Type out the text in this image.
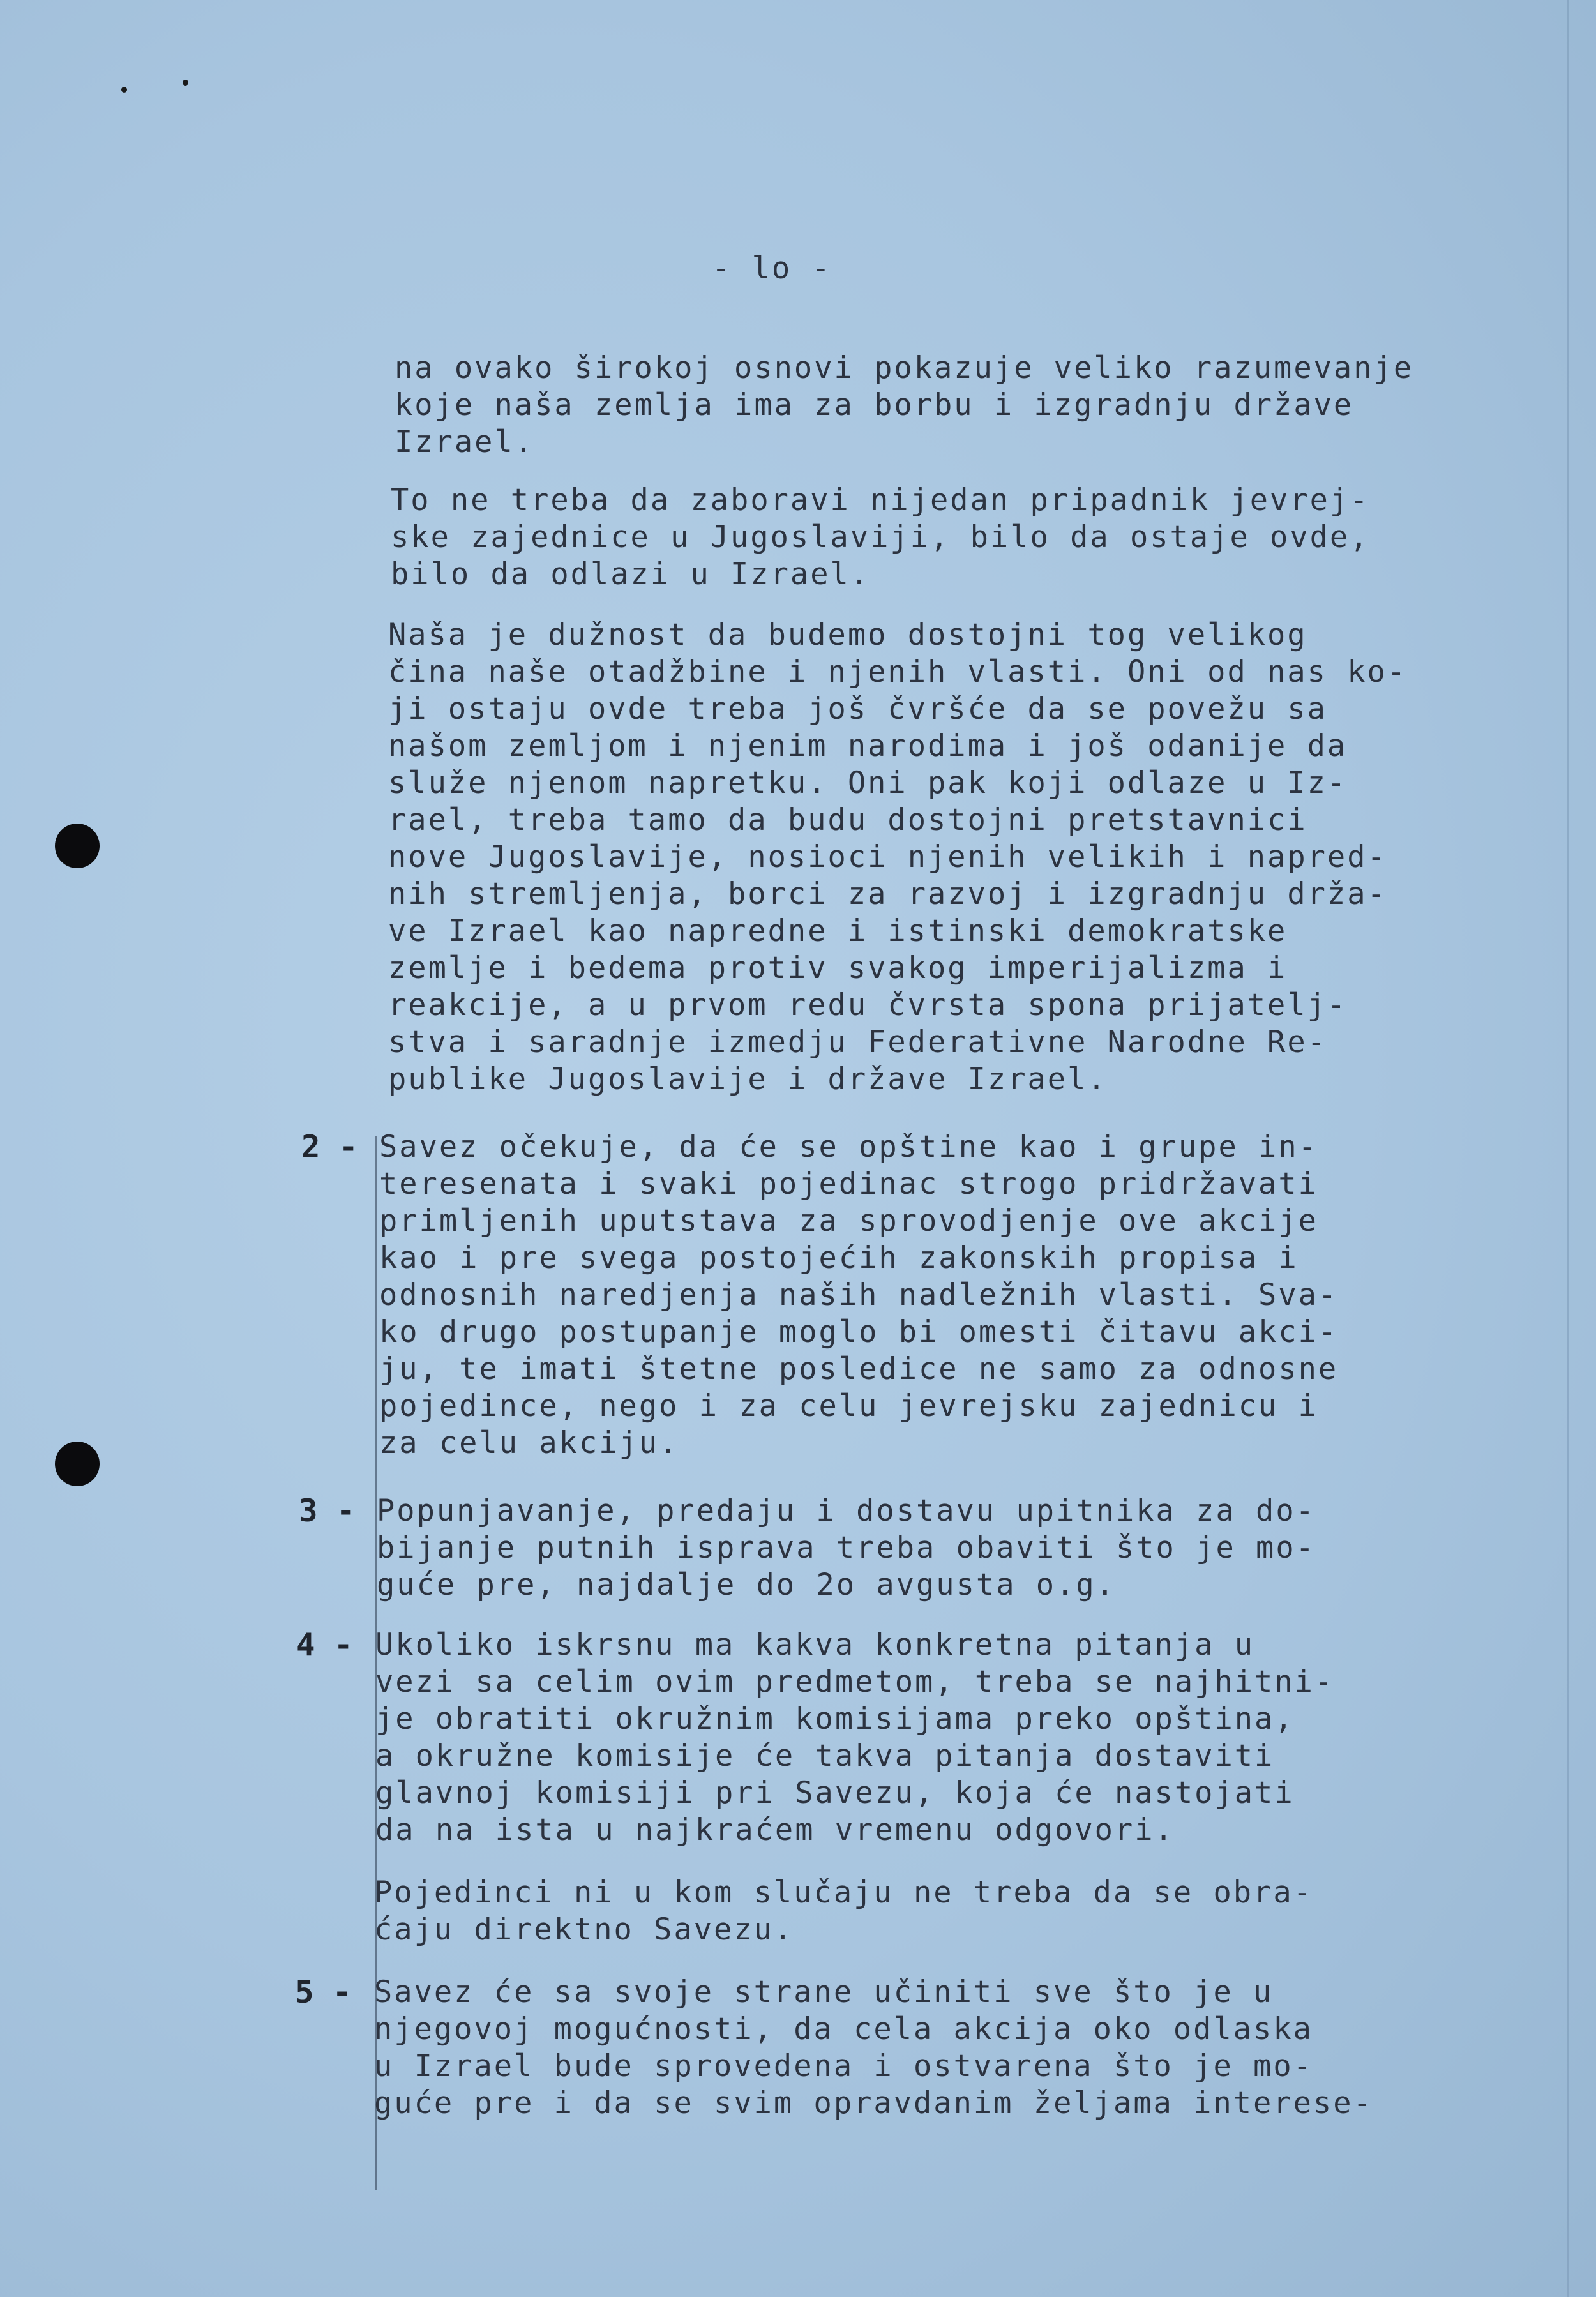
- lo -

na ovako širokoj osnovi pokazuje veliko razumevanje
koje naša zemlja ima za borbu i izgradnju države
Izrael.
To ne treba da zaboravi nijedan pripadnik jevrej-
ske zajednice u Jugoslaviji, bilo da ostaje ovde,
bilo da odlazi u Izrael.
Naša je dužnost da budemo dostojni tog velikog
čina naše otadžbine i njenih vlasti. Oni od nas ko-
ji ostaju ovde treba još čvršće da se povežu sa
našom zemljom i njenim narodima i još odanije da
služe njenom napretku. Oni pak koji odlaze u Iz-
rael, treba tamo da budu dostojni pretstavnici
nove Jugoslavije, nosioci njenih velikih i napred-
nih stremljenja, borci za razvoj i izgradnju drža-
ve Izrael kao napredne i istinski demokratske
zemlje i bedema protiv svakog imperijalizma i
reakcije, a u prvom redu čvrsta spona prijatelj-
stva i saradnje izmedju Federativne Narodne Re-
publike Jugoslavije i države Izrael.

2 - Savez očekuje, da će se opštine kao i grupe in-
teresenata i svaki pojedinac strogo pridržavati
primljenih uputstava za sprovodjenje ove akcije
kao i pre svega postojećih zakonskih propisa i
odnosnih naredjenja naših nadležnih vlasti. Sva-
ko drugo postupanje moglo bi omesti čitavu akci-
ju, te imati štetne posledice ne samo za odnosne
pojedince, nego i za celu jevrejsku zajednicu i
za celu akciju.

3 - Popunjavanje, predaju i dostavu upitnika za do-
bijanje putnih isprava treba obaviti što je mo-
guće pre, najdalje do 2o avgusta o.g.

4 - Ukoliko iskrsnu ma kakva konkretna pitanja u
vezi sa celim ovim predmetom, treba se najhitni-
je obratiti okružnim komisijama preko opština,
a okružne komisije će takva pitanja dostaviti
glavnoj komisiji pri Savezu, koja će nastojati
da na ista u najkraćem vremenu odgovori.
Pojedinci ni u kom slučaju ne treba da se obra-
ćaju direktno Savezu.

5 - Savez će sa svoje strane učiniti sve što je u
njegovoj mogućnosti, da cela akcija oko odlaska
u Izrael bude sprovedena i ostvarena što je mo-
guće pre i da se svim opravdanim željama interese-
